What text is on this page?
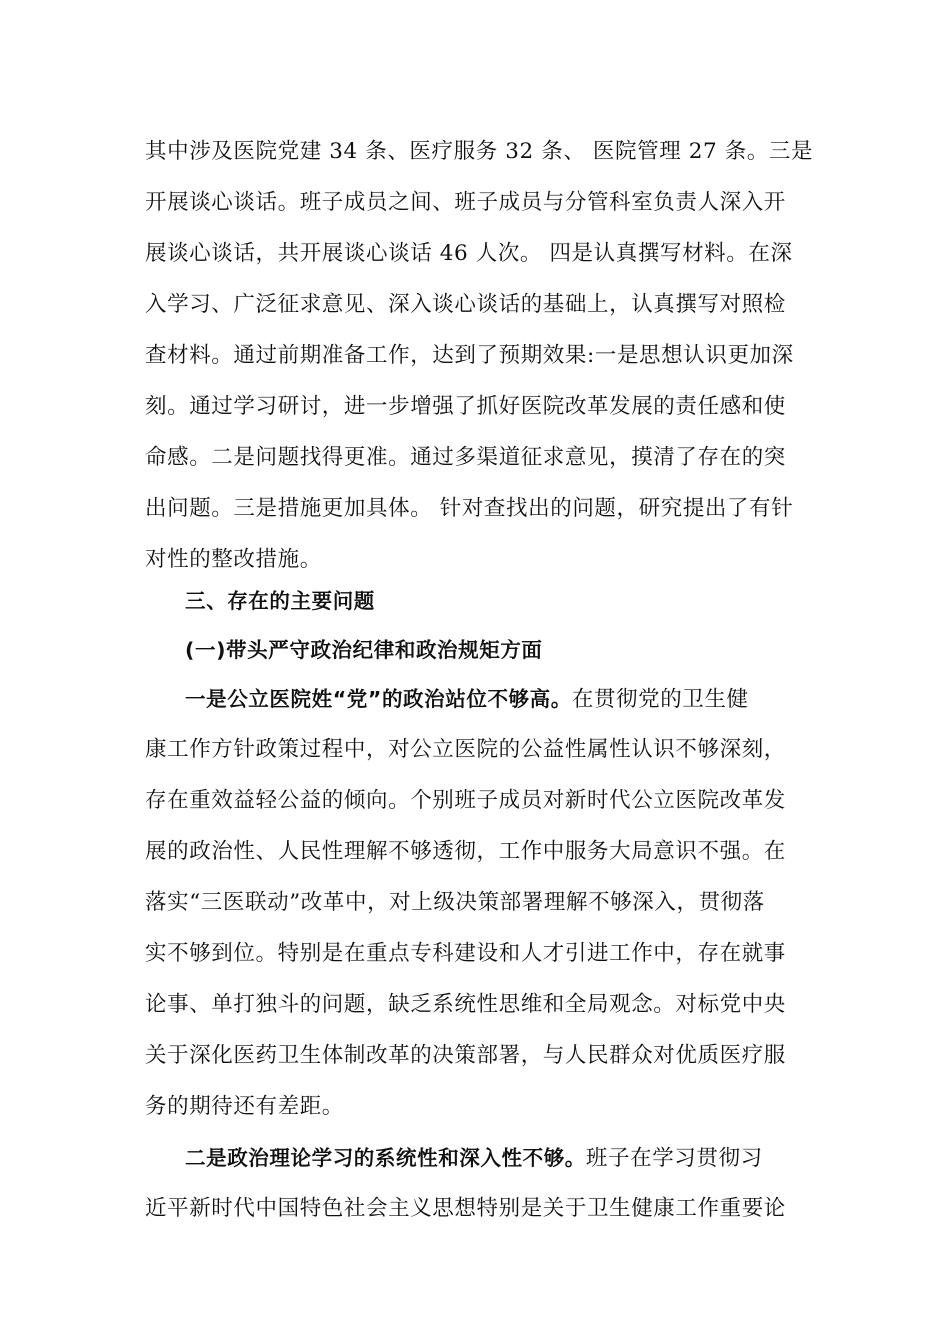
其中涉及医院党建 34 条、医疗服务 32 条、 医院管理 27 条。三是
开展谈心谈话。班子成员之间、班子成员与分管科室负责人深入开
展谈心谈话，共开展谈心谈话 46 人次。 四是认真撰写材料。在深
入学习、广泛征求意见、深入谈心谈话的基础上，认真撰写对照检
查材料。通过前期准备工作，达到了预期效果:一是思想认识更加深
刻。通过学习研讨，进一步增强了抓好医院改革发展的责任感和使
命感。二是问题找得更准。通过多渠道征求意见，摸清了存在的突
出问题。三是措施更加具体。 针对查找出的问题，研究提出了有针
对性的整改措施。
三、存在的主要问题
(一)带头严守政治纪律和政治规矩方面
一是公立医院姓“党”的政治站位不够高。在贯彻党的卫生健
康工作方针政策过程中，对公立医院的公益性属性认识不够深刻，
存在重效益轻公益的倾向。个别班子成员对新时代公立医院改革发
展的政治性、人民性理解不够透彻，工作中服务大局意识不强。在
落实“三医联动”改革中，对上级决策部署理解不够深入，贯彻落
实不够到位。特别是在重点专科建设和人才引进工作中，存在就事
论事、单打独斗的问题，缺乏系统性思维和全局观念。对标党中央
关于深化医药卫生体制改革的决策部署，与人民群众对优质医疗服
务的期待还有差距。
二是政治理论学习的系统性和深入性不够。班子在学习贯彻习
近平新时代中国特色社会主义思想特别是关于卫生健康工作重要论
